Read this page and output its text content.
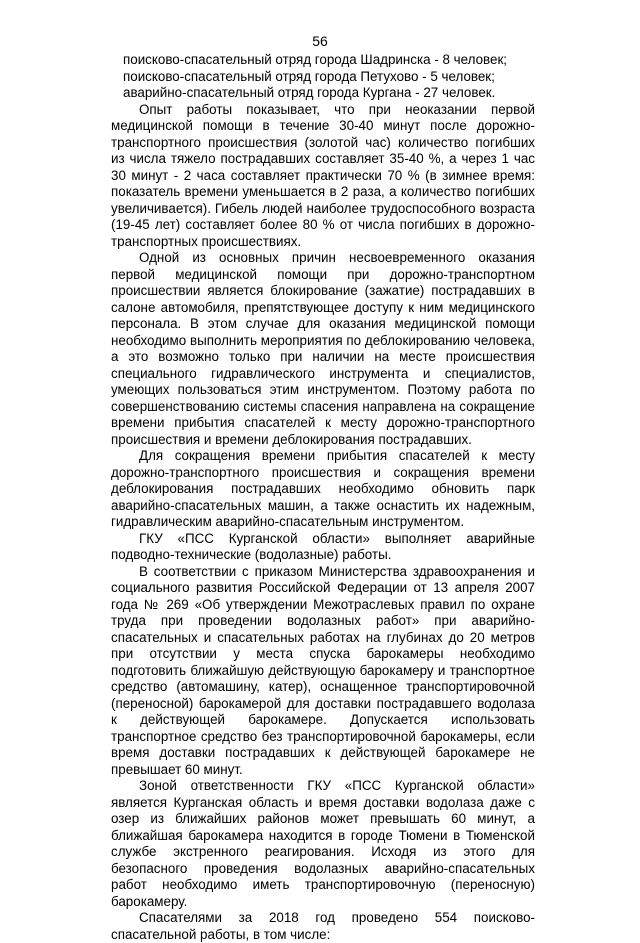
56

поисково-спасательный отряд города Шадринска - 8 человек;

поисково-спасательный отряд города Петухово - 5 человек;

аварийно-спасательный отряд города Кургана - 27 человек.

Опыт работы показывает, что при неоказании первой медицинской помощи в течение 30-40 минут после дорожно-транспортного происшествия (золотой час) количество погибших из числа тяжело пострадавших составляет 35-40 %, а через 1 час 30 минут - 2 часа составляет практически 70 % (в зимнее время: показатель времени уменьшается в 2 раза, а количество погибших увеличивается). Гибель людей наиболее трудоспособного возраста (19-45 лет) составляет более 80 % от числа погибших в дорожно-транспортных происшествиях.

Одной из основных причин несвоевременного оказания первой медицинской помощи при дорожно-транспортном происшествии является блокирование (зажатие) пострадавших в салоне автомобиля, препятствующее доступу к ним медицинского персонала. В этом случае для оказания медицинской помощи необходимо выполнить мероприятия по деблокированию человека, а это возможно только при наличии на месте происшествия специального гидравлического инструмента и специалистов, умеющих пользоваться этим инструментом. Поэтому работа по совершенствованию системы спасения направлена на сокращение времени прибытия спасателей к месту дорожно-транспортного происшествия и времени деблокирования пострадавших.

Для сокращения времени прибытия спасателей к месту дорожно-транспортного происшествия и сокращения времени деблокирования пострадавших необходимо обновить парк аварийно-спасательных машин, а также оснастить их надежным, гидравлическим аварийно-спасательным инструментом.

ГКУ «ПСС Курганской области» выполняет аварийные подводно-технические (водолазные) работы.

В соответствии с приказом Министерства здравоохранения и социального развития Российской Федерации от 13 апреля 2007 года № 269 «Об утверждении Межотраслевых правил по охране труда при проведении водолазных работ» при аварийно-спасательных и спасательных работах на глубинах до 20 метров при отсутствии у места спуска барокамеры необходимо подготовить ближайшую действующую барокамеру и транспортное средство (автомашину, катер), оснащенное транспортировочной (переносной) барокамерой для доставки пострадавшего водолаза к действующей барокамере. Допускается использовать транспортное средство без транспортировочной барокамеры, если время доставки пострадавших к действующей барокамере не превышает 60 минут.

Зоной ответственности ГКУ «ПСС Курганской области» является Курганская область и время доставки водолаза даже с озер из ближайших районов может превышать 60 минут, а ближайшая барокамера находится в городе Тюмени в Тюменской службе экстренного реагирования. Исходя из этого для безопасного проведения водолазных аварийно-спасательных работ необходимо иметь транспортировочную (переносную) барокамеру.

Спасателями за 2018 год проведено 554 поисково-спасательной работы, в том числе:
